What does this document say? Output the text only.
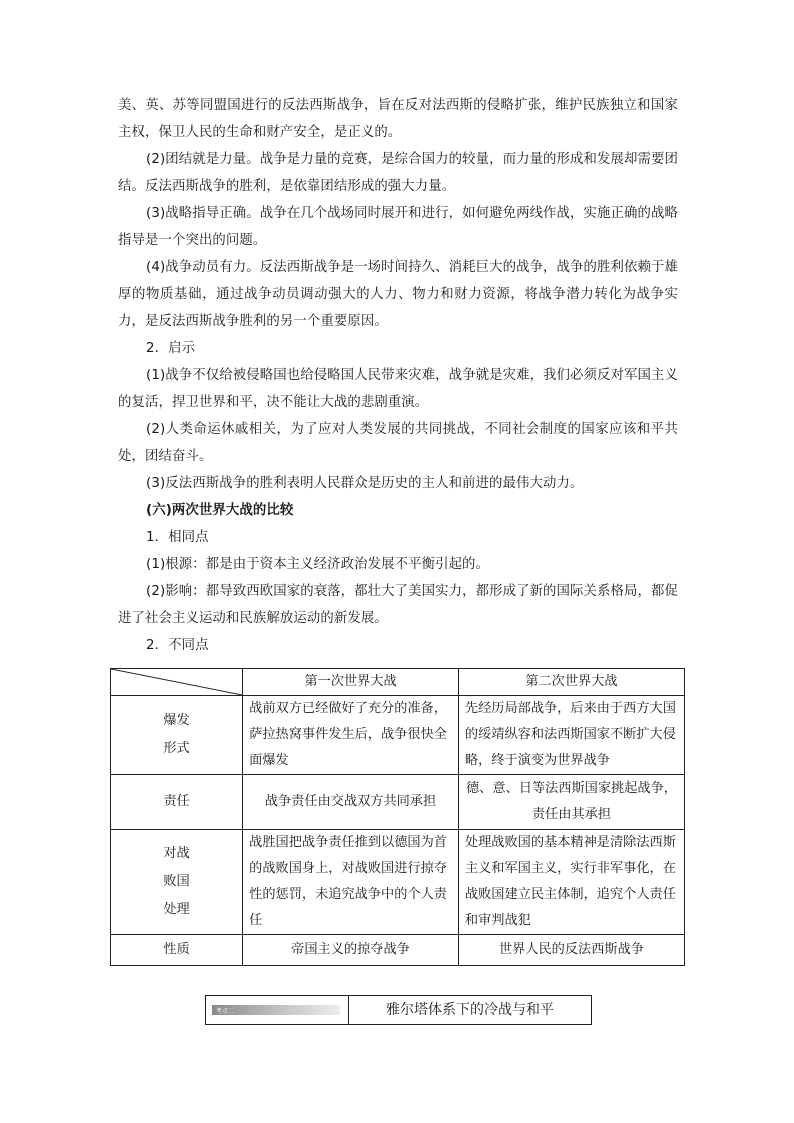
美、英、苏等同盟国进行的反法西斯战争，旨在反对法西斯的侵略扩张，维护民族独立和国家主权，保卫人民的生命和财产安全，是正义的。

(2)团结就是力量。战争是力量的竞赛，是综合国力的较量，而力量的形成和发展却需要团结。反法西斯战争的胜利，是依靠团结形成的强大力量。

(3)战略指导正确。战争在几个战场同时展开和进行，如何避免两线作战，实施正确的战略指导是一个突出的问题。

(4)战争动员有力。反法西斯战争是一场时间持久、消耗巨大的战争，战争的胜利依赖于雄厚的物质基础，通过战争动员调动强大的人力、物力和财力资源，将战争潜力转化为战争实力，是反法西斯战争胜利的另一个重要原因。

2．启示

(1)战争不仅给被侵略国也给侵略国人民带来灾难，战争就是灾难，我们必须反对军国主义的复活，捍卫世界和平，决不能让大战的悲剧重演。

(2)人类命运休戚相关，为了应对人类发展的共同挑战，不同社会制度的国家应该和平共处，团结奋斗。

(3)反法西斯战争的胜利表明人民群众是历史的主人和前进的最伟大动力。

(六)两次世界大战的比较

1．相同点

(1)根源：都是由于资本主义经济政治发展不平衡引起的。

(2)影响：都导致西欧国家的衰落，都壮大了美国实力，都形成了新的国际关系格局，都促进了社会主义运动和民族解放运动的新发展。

2．不同点

	第一次世界大战	第二次世界大战

爆发
形式	战前双方已经做好了充分的准备，萨拉热窝事件发生后，战争很快全面爆发	先经历局部战争，后来由于西方大国的绥靖纵容和法西斯国家不断扩大侵略，终于演变为世界战争
责任	战争责任由交战双方共同承担	德、意、日等法西斯国家挑起战争，责任由其承担

对战
败国
处理	战胜国把战争责任推到以德国为首的战败国身上，对战败国进行掠夺性的惩罚，未追究战争中的个人责任	处理战败国的基本精神是清除法西斯主义和军国主义，实行非军事化，在战败国建立民主体制，追究个人责任和审判战犯
性质	帝国主义的掠夺战争	世界人民的反法西斯战争
考点二	雅尔塔体系下的冷战与和平
